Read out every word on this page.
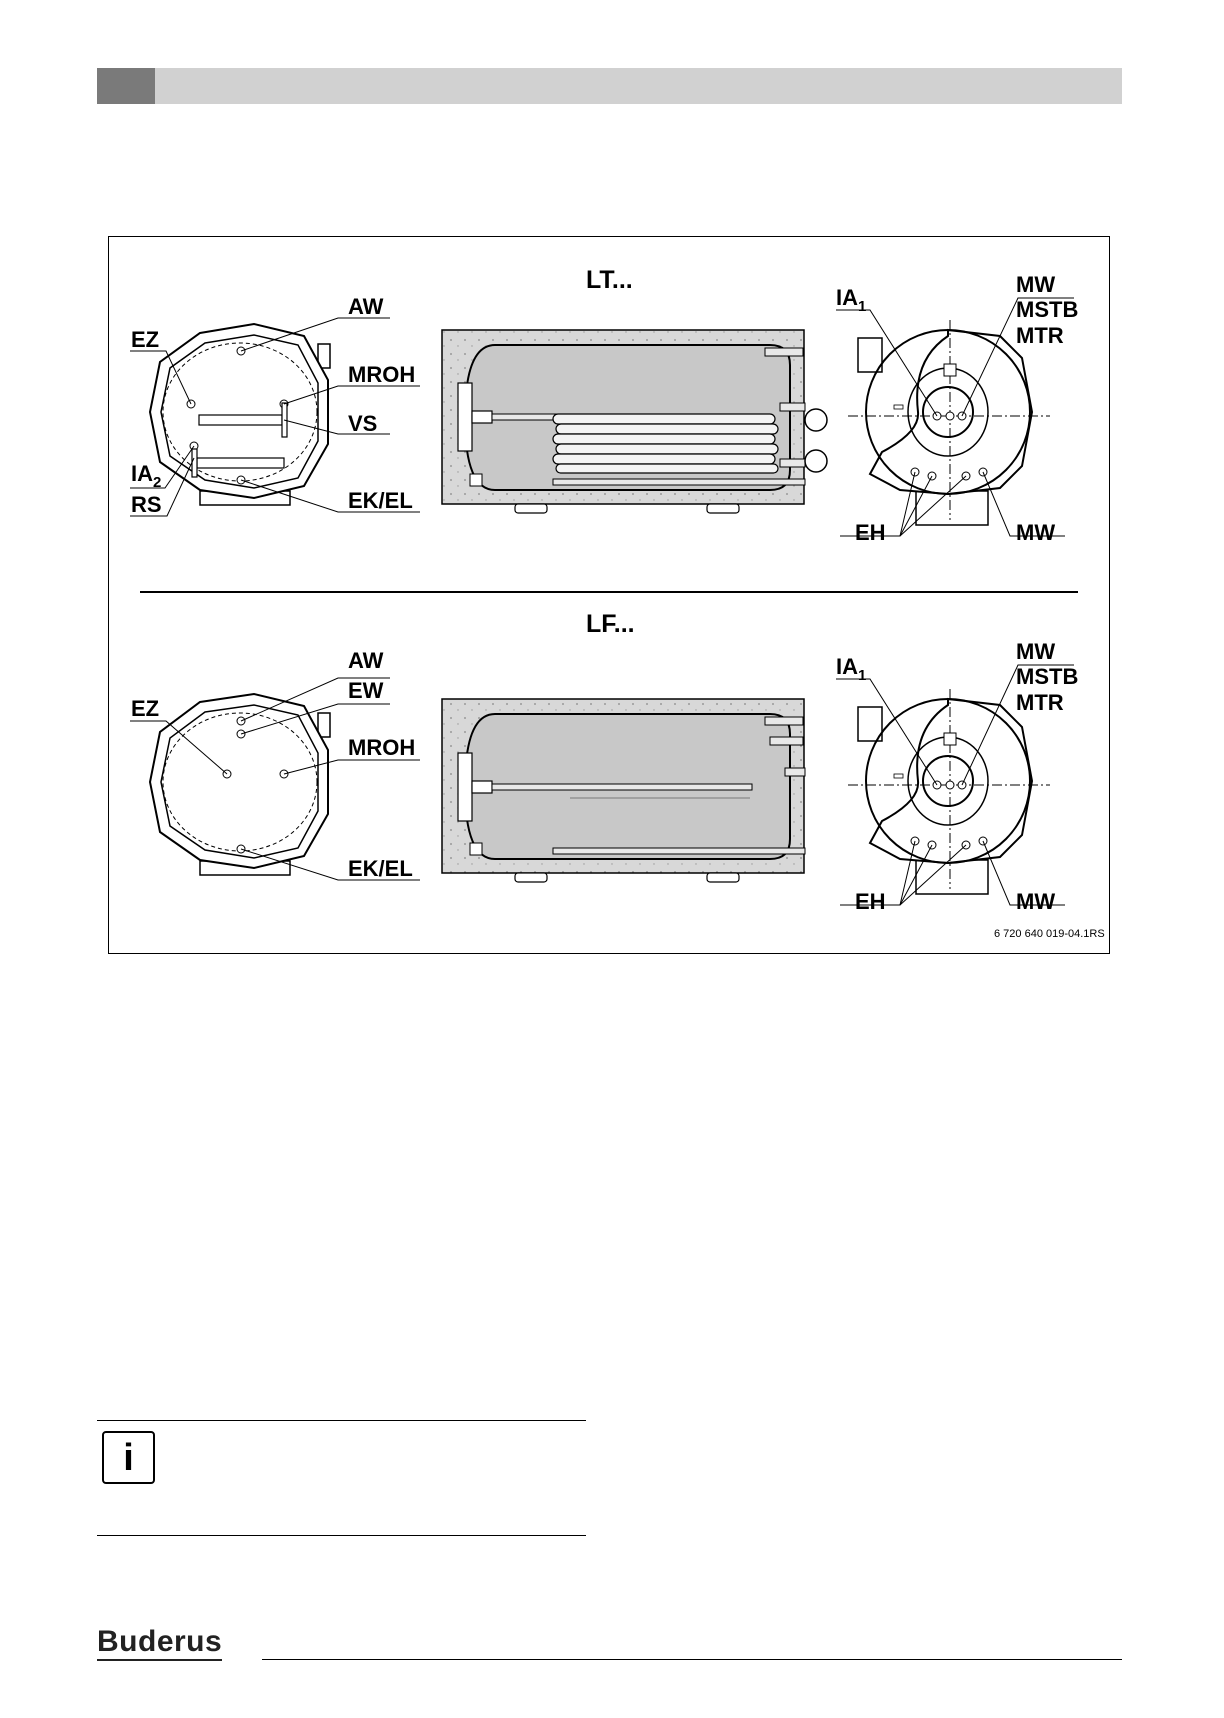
LT...
AW
EZ
MROH
VS
$IA_2$
RS	EK/EL
$IA_1$
MW
MSTB
MTR
EH	MW
LF...
AW
EW
EZ
MROH
EK/EL
$IA_1$
MW
MSTB
MTR
EH	MW
6 720 640 019-04.1RS
i
Buderus
